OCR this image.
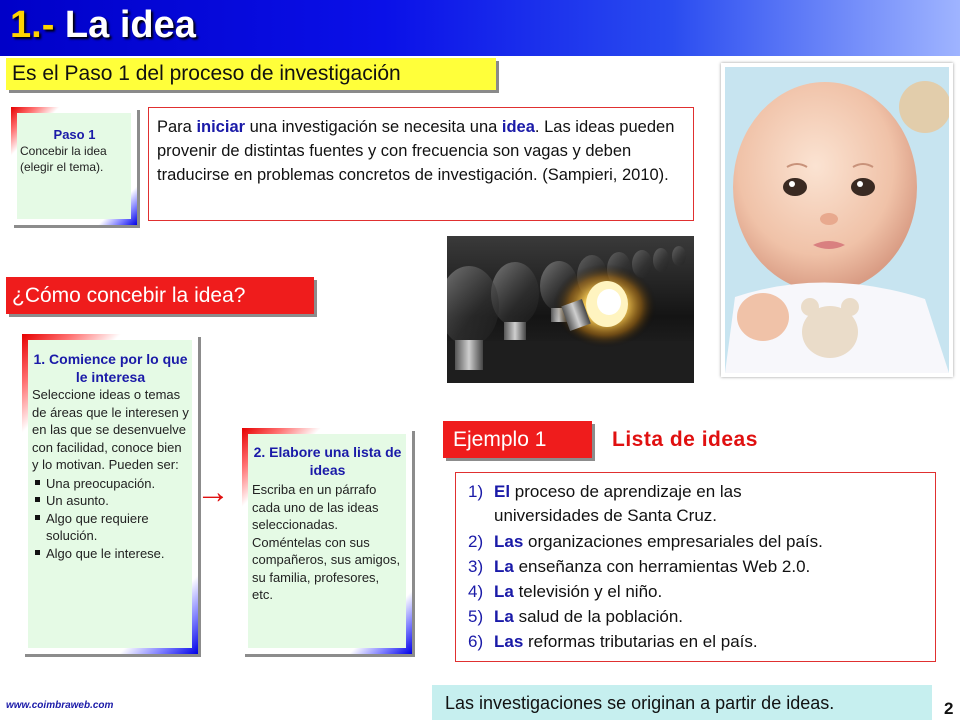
1.- La idea
Es el Paso 1 del proceso de investigación
Paso 1
Concebir la idea (elegir el tema).
Para iniciar una investigación se necesita una idea. Las ideas pueden provenir de distintas fuentes y con frecuencia son vagas y deben traducirse en problemas concretos de investigación. (Sampieri, 2010).
¿Cómo concebir la idea?
1. Comience por lo que le interesa
Seleccione ideas o temas de áreas que le interesen y en las que se desenvuelve con facilidad, conoce bien y lo motivan. Pueden ser:
Una preocupación.
Un asunto.
Algo que requiere solución.
Algo que le interese.
→
2. Elabore una lista de ideas
Escriba en un párrafo cada uno de las ideas seleccionadas. Coméntelas con sus compañeros, sus amigos, su familia, profesores, etc.
Ejemplo 1	Lista de ideas
1) El proceso de aprendizaje en las
universidades de Santa Cruz.
2) Las organizaciones empresariales del país.
3) La enseñanza con herramientas Web 2.0.
4) La televisión y el niño.
5) La salud de la población.
6) Las reformas tributarias en el país.
Las investigaciones se originan a partir de ideas.
www.coimbraweb.com	2
